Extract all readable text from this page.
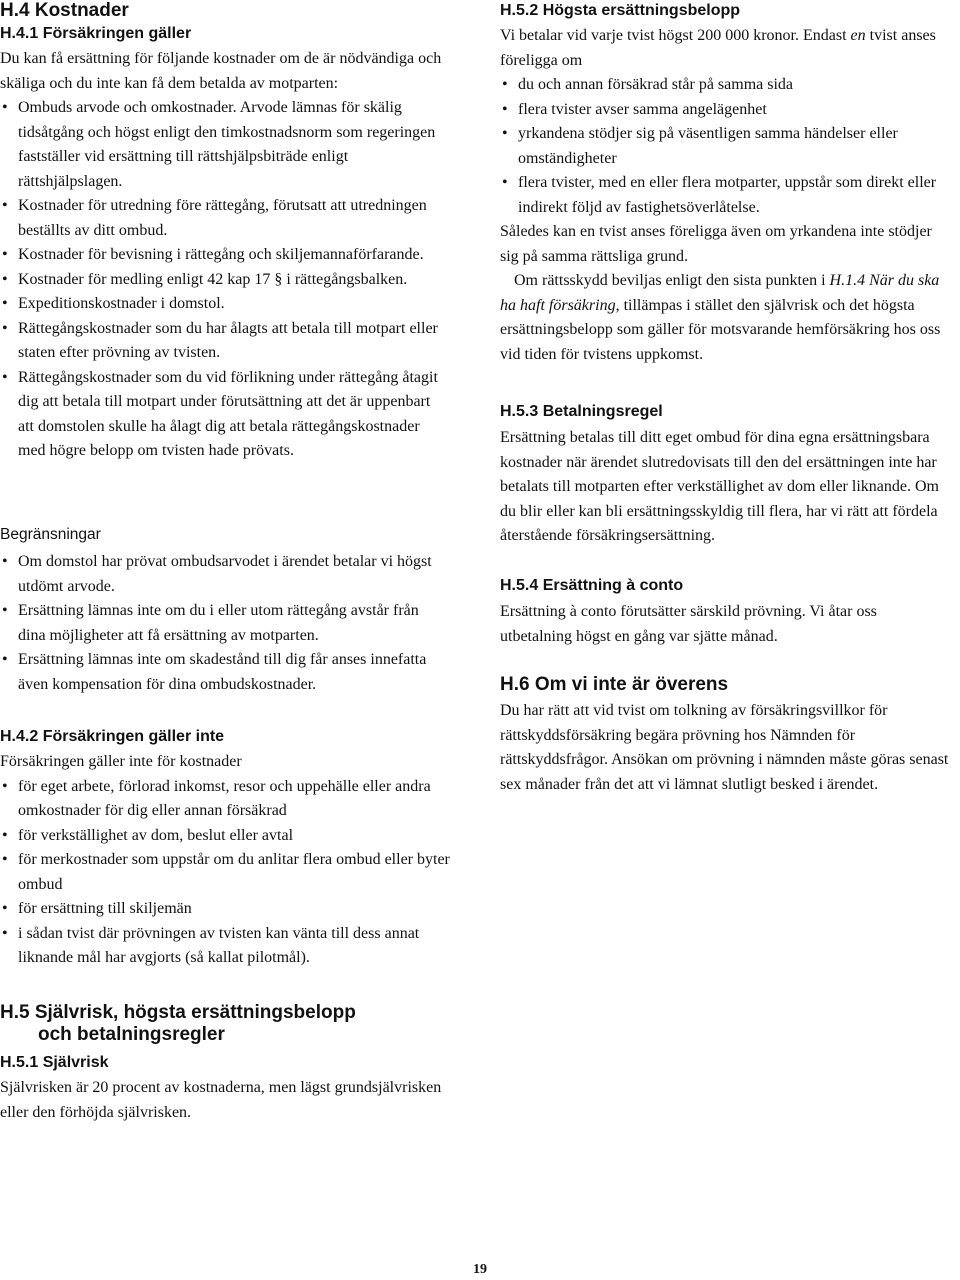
H.4 Kostnader
H.4.1 Försäkringen gäller

Du kan få ersättning för följande kostnader om de är nödvändiga och skäliga och du inte kan få dem betalda av motparten:

• Ombuds arvode och omkostnader. Arvode lämnas för skälig tidsåtgång och högst enligt den timkostnadsnorm som regeringen fastställer vid ersättning till rättshjälpsbiträde enligt rättshjälpslagen.
• Kostnader för utredning före rättegång, förutsatt att utredningen beställts av ditt ombud.
• Kostnader för bevisning i rättegång och skiljemannaförfarande.
• Kostnader för medling enligt 42 kap 17 § i rättegångsbalken.
• Expeditionskostnader i domstol.
• Rättegångskostnader som du har ålagts att betala till motpart eller staten efter prövning av tvisten.
• Rättegångskostnader som du vid förlikning under rättegång åtagit dig att betala till motpart under förutsättning att det är uppenbart att domstolen skulle ha ålagt dig att betala rättegångskostnader med högre belopp om tvisten hade prövats.
Begränsningar
• Om domstol har prövat ombudsarvodet i ärendet betalar vi högst utdömt arvode.
• Ersättning lämnas inte om du i eller utom rättegång avstår från dina möjligheter att få ersättning av motparten.
• Ersättning lämnas inte om skadestånd till dig får anses innefatta även kompensation för dina ombudskostnader.
H.4.2 Försäkringen gäller inte

Försäkringen gäller inte för kostnader

• för eget arbete, förlorad inkomst, resor och uppehälle eller andra omkostnader för dig eller annan försäkrad
• för verkställighet av dom, beslut eller avtal
• för merkostnader som uppstår om du anlitar flera ombud eller byter ombud
• för ersättning till skiljemän
• i sådan tvist där prövningen av tvisten kan vänta till dess annat liknande mål har avgjorts (så kallat pilotmål).
H.5 Självrisk, högsta ersättningsbelopp
och betalningsregler
H.5.1 Självrisk

Självrisken är 20 procent av kostnaderna, men lägst grundsjälvrisken eller den förhöjda självrisken.

H.5.2 Högsta ersättningsbelopp

Vi betalar vid varje tvist högst 200 000 kronor. Endast en tvist anses föreligga om

• du och annan försäkrad står på samma sida
• flera tvister avser samma angelägenhet
• yrkandena stödjer sig på väsentligen samma händelser eller omständigheter
• flera tvister, med en eller flera motparter, uppstår som direkt eller indirekt följd av fastighetsöverlåtelse.

Således kan en tvist anses föreligga även om yrkandena inte stödjer sig på samma rättsliga grund.

Om rättsskydd beviljas enligt den sista punkten i H.1.4 När du ska ha haft försäkring, tillämpas i stället den självrisk och det högsta ersättningsbelopp som gäller för motsvarande hemförsäkring hos oss vid tiden för tvistens uppkomst.

H.5.3 Betalningsregel

Ersättning betalas till ditt eget ombud för dina egna ersättningsbara kostnader när ärendet slutredovisats till den del ersättningen inte har betalats till motparten efter verkställighet av dom eller liknande. Om du blir eller kan bli ersättningsskyldig till flera, har vi rätt att fördela återstående försäkringsersättning.

H.5.4 Ersättning à conto

Ersättning à conto förutsätter särskild prövning. Vi åtar oss utbetalning högst en gång var sjätte månad.

H.6 Om vi inte är överens

Du har rätt att vid tvist om tolkning av försäkringsvillkor för rättskyddsförsäkring begära prövning hos Nämnden för rättskyddsfrågor. Ansökan om prövning i nämnden måste göras senast sex månader från det att vi lämnat slutligt besked i ärendet.

19
